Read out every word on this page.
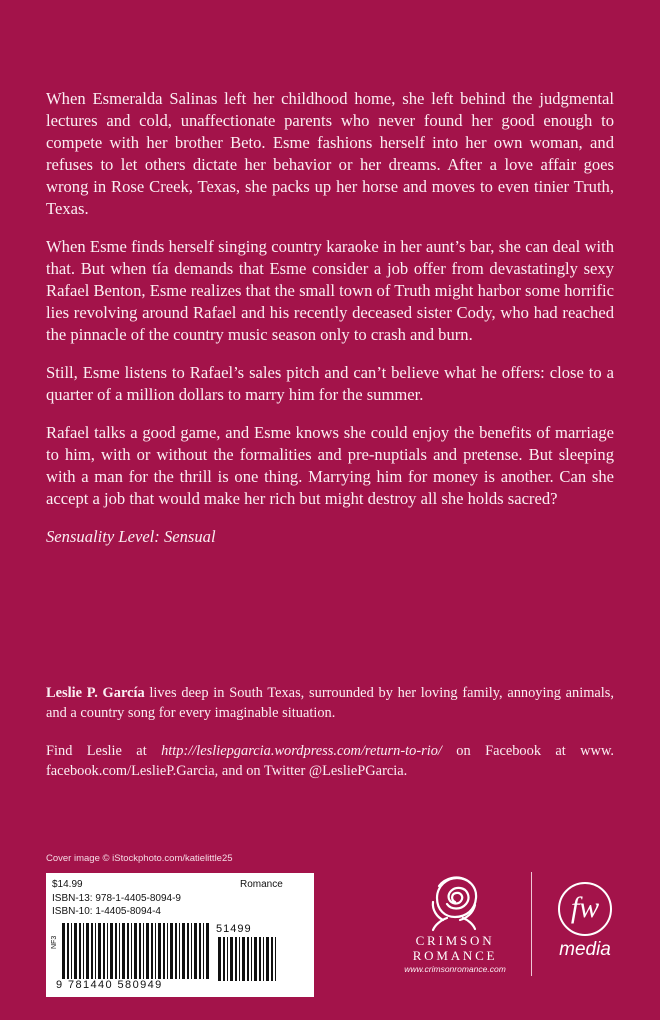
When Esmeralda Salinas left her childhood home, she left behind the judgmental lectures and cold, unaffectionate parents who never found her good enough to compete with her brother Beto. Esme fashions herself into her own woman, and refuses to let others dictate her behavior or her dreams. After a love affair goes wrong in Rose Creek, Texas, she packs up her horse and moves to even tinier Truth, Texas.

When Esme finds herself singing country karaoke in her aunt’s bar, she can deal with that. But when tía demands that Esme consider a job offer from devastatingly sexy Rafael Benton, Esme realizes that the small town of Truth might harbor some horrific lies revolving around Rafael and his recently deceased sister Cody, who had reached the pinnacle of the country music season only to crash and burn.

Still, Esme listens to Rafael’s sales pitch and can’t believe what he offers: close to a quarter of a million dollars to marry him for the summer.

Rafael talks a good game, and Esme knows she could enjoy the benefits of marriage to him, with or without the formalities and pre-nuptials and pretense. But sleeping with a man for the thrill is one thing. Marrying him for money is another. Can she accept a job that would make her rich but might destroy all she holds sacred?

Sensuality Level: Sensual

Leslie P. García lives deep in South Texas, surrounded by her loving family, annoying animals, and a country song for every imaginable situation.

Find Leslie at http://lesliepgarcia.wordpress.com/return-to-rio/ on Facebook at www. facebook.com/LeslieP.Garcia, and on Twitter @LesliePGarcia.

Cover image © iStockphoto.com/katielittle25
$14.99	Romance
ISBN-13: 978-1-4405-8094-9
ISBN-10: 1-4405-8094-4
NF3
51499
9 781440 580949
CRIMSON
ROMANCE
www.crimsonromance.com
fw
media
